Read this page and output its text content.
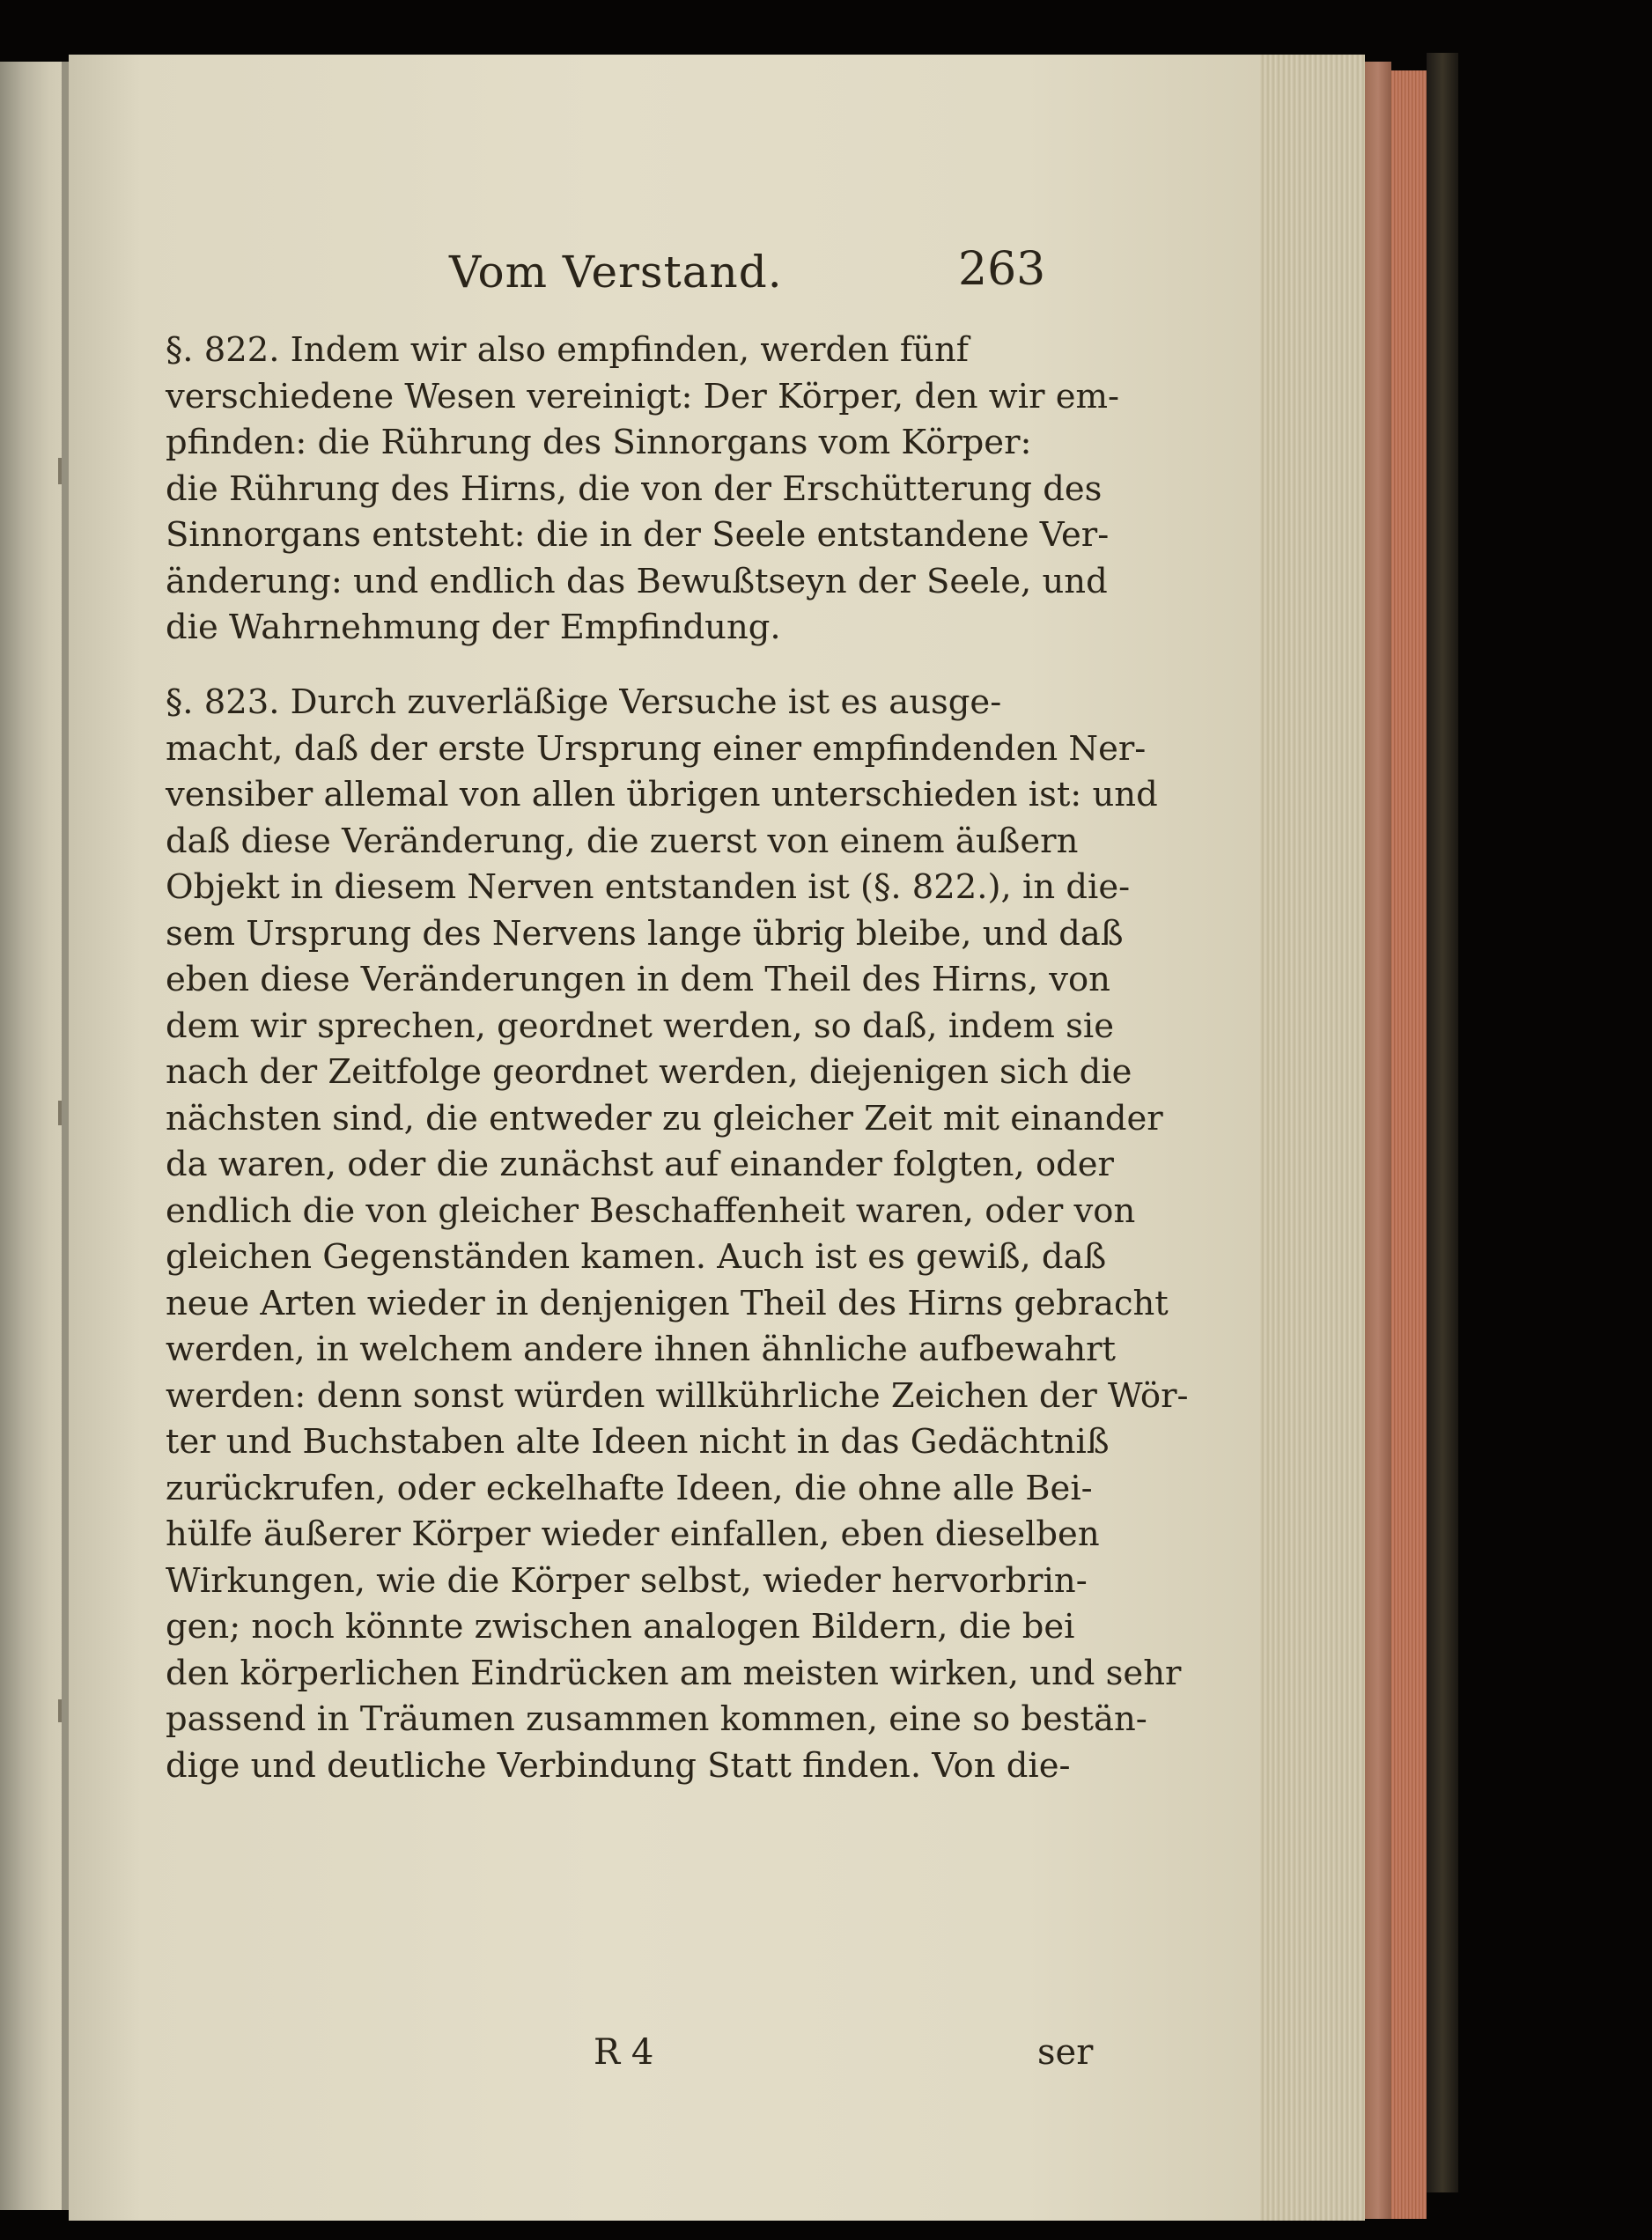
Vom Verstand.	263

§. 822. Indem wir also empfinden, werden fünf
verschiedene Wesen vereinigt: Der Körper, den wir em-
pfinden: die Rührung des Sinnorgans vom Körper:
die Rührung des Hirns, die von der Erschütterung des
Sinnorgans entsteht: die in der Seele entstandene Ver-
änderung: und endlich das Bewußtseyn der Seele, und
die Wahrnehmung der Empfindung.

§. 823. Durch zuverläßige Versuche ist es ausge-
macht, daß der erste Ursprung einer empfindenden Ner-
vensiber allemal von allen übrigen unterschieden ist: und
daß diese Veränderung, die zuerst von einem äußern
Objekt in diesem Nerven entstanden ist (§. 822.), in die-
sem Ursprung des Nervens lange übrig bleibe, und daß
eben diese Veränderungen in dem Theil des Hirns, von
dem wir sprechen, geordnet werden, so daß, indem sie
nach der Zeitfolge geordnet werden, diejenigen sich die
nächsten sind, die entweder zu gleicher Zeit mit einander
da waren, oder die zunächst auf einander folgten, oder
endlich die von gleicher Beschaffenheit waren, oder von
gleichen Gegenständen kamen. Auch ist es gewiß, daß
neue Arten wieder in denjenigen Theil des Hirns gebracht
werden, in welchem andere ihnen ähnliche aufbewahrt
werden: denn sonst würden willkührliche Zeichen der Wör-
ter und Buchstaben alte Ideen nicht in das Gedächtniß
zurückrufen, oder eckelhafte Ideen, die ohne alle Bei-
hülfe äußerer Körper wieder einfallen, eben dieselben
Wirkungen, wie die Körper selbst, wieder hervorbrin-
gen; noch könnte zwischen analogen Bildern, die bei
den körperlichen Eindrücken am meisten wirken, und sehr
passend in Träumen zusammen kommen, eine so bestän-
dige und deutliche Verbindung Statt finden. Von die-

R 4	ser
